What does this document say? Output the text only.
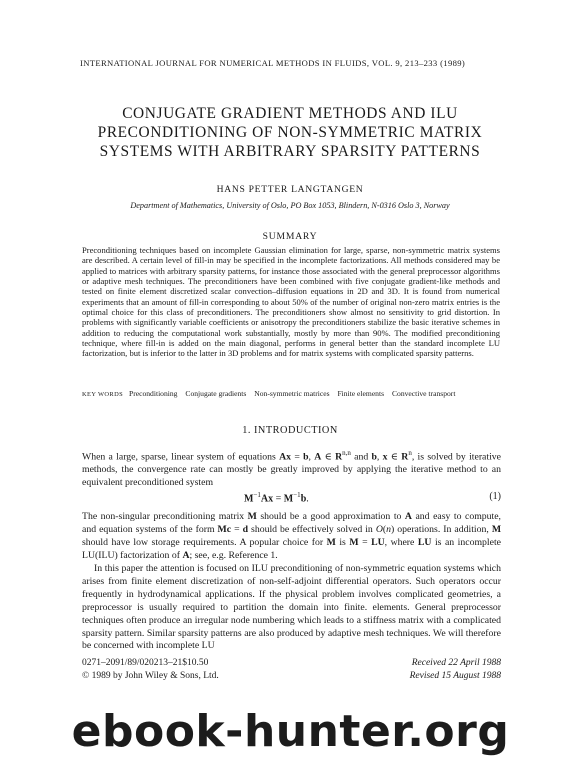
INTERNATIONAL JOURNAL FOR NUMERICAL METHODS IN FLUIDS, VOL. 9, 213–233 (1989)
CONJUGATE GRADIENT METHODS AND ILU
PRECONDITIONING OF NON-SYMMETRIC MATRIX
SYSTEMS WITH ARBITRARY SPARSITY PATTERNS
HANS PETTER LANGTANGEN
Department of Mathematics, University of Oslo, PO Box 1053, Blindern, N-0316 Oslo 3, Norway
SUMMARY

Preconditioning techniques based on incomplete Gaussian elimination for large, sparse, non-symmetric matrix systems are described. A certain level of fill-in may be specified in the incomplete factorizations. All methods considered may be applied to matrices with arbitrary sparsity patterns, for instance those associated with the general preprocessor algorithms or adaptive mesh techniques. The preconditioners have been combined with five conjugate gradient-like methods and tested on finite element discretized scalar convection–diffusion equations in 2D and 3D. It is found from numerical experiments that an amount of fill-in corresponding to about 50% of the number of original non-zero matrix entries is the optimal choice for this class of preconditioners. The preconditioners show almost no sensitivity to grid distortion. In problems with significantly variable coefficients or anisotropy the preconditioners stabilize the basic iterative schemes in addition to reducing the computational work substantially, mostly by more than 90%. The modified preconditioning technique, where fill-in is added on the main diagonal, performs in general better than the standard incomplete LU factorization, but is inferior to the latter in 3D problems and for matrix systems with complicated sparsity patterns.

KEY WORDS Preconditioning Conjugate gradients Non-symmetric matrices Finite elements Convective transport
1. INTRODUCTION

When a large, sparse, linear system of equations Ax = b, A ∈ R$^{n,n}$ and b, x ∈ $R^n$, is solved by iterative methods, the convergence rate can mostly be greatly improved by applying the iterative method to an equivalent preconditioned system

$M^{-1}Ax = M^{-1}b$.	(1)

The non-singular preconditioning matrix M should be a good approximation to A and easy to compute, and equation systems of the form Mc = d should be effectively solved in O(n) operations. In addition, M should have low storage requirements. A popular choice for M is M = LU, where LU is an incomplete LU(ILU) factorization of A; see, e.g. Reference 1.

In this paper the attention is focused on ILU preconditioning of non-symmetric equation systems which arises from finite element discretization of non-self-adjoint differential operators. Such operators occur frequently in hydrodynamical applications. If the physical problem involves complicated geometries, a preprocessor is usually required to partition the domain into finite. elements. General preprocessor techniques often produce an irregular node numbering which leads to a stiffness matrix with a complicated sparsity pattern. Similar sparsity patterns are also produced by adaptive mesh techniques. We will therefore be concerned with incomplete LU

0271–2091/89/020213–21$10.50
© 1989 by John Wiley & Sons, Ltd.
Received 22 April 1988
Revised 15 August 1988
ebook-hunter.org
